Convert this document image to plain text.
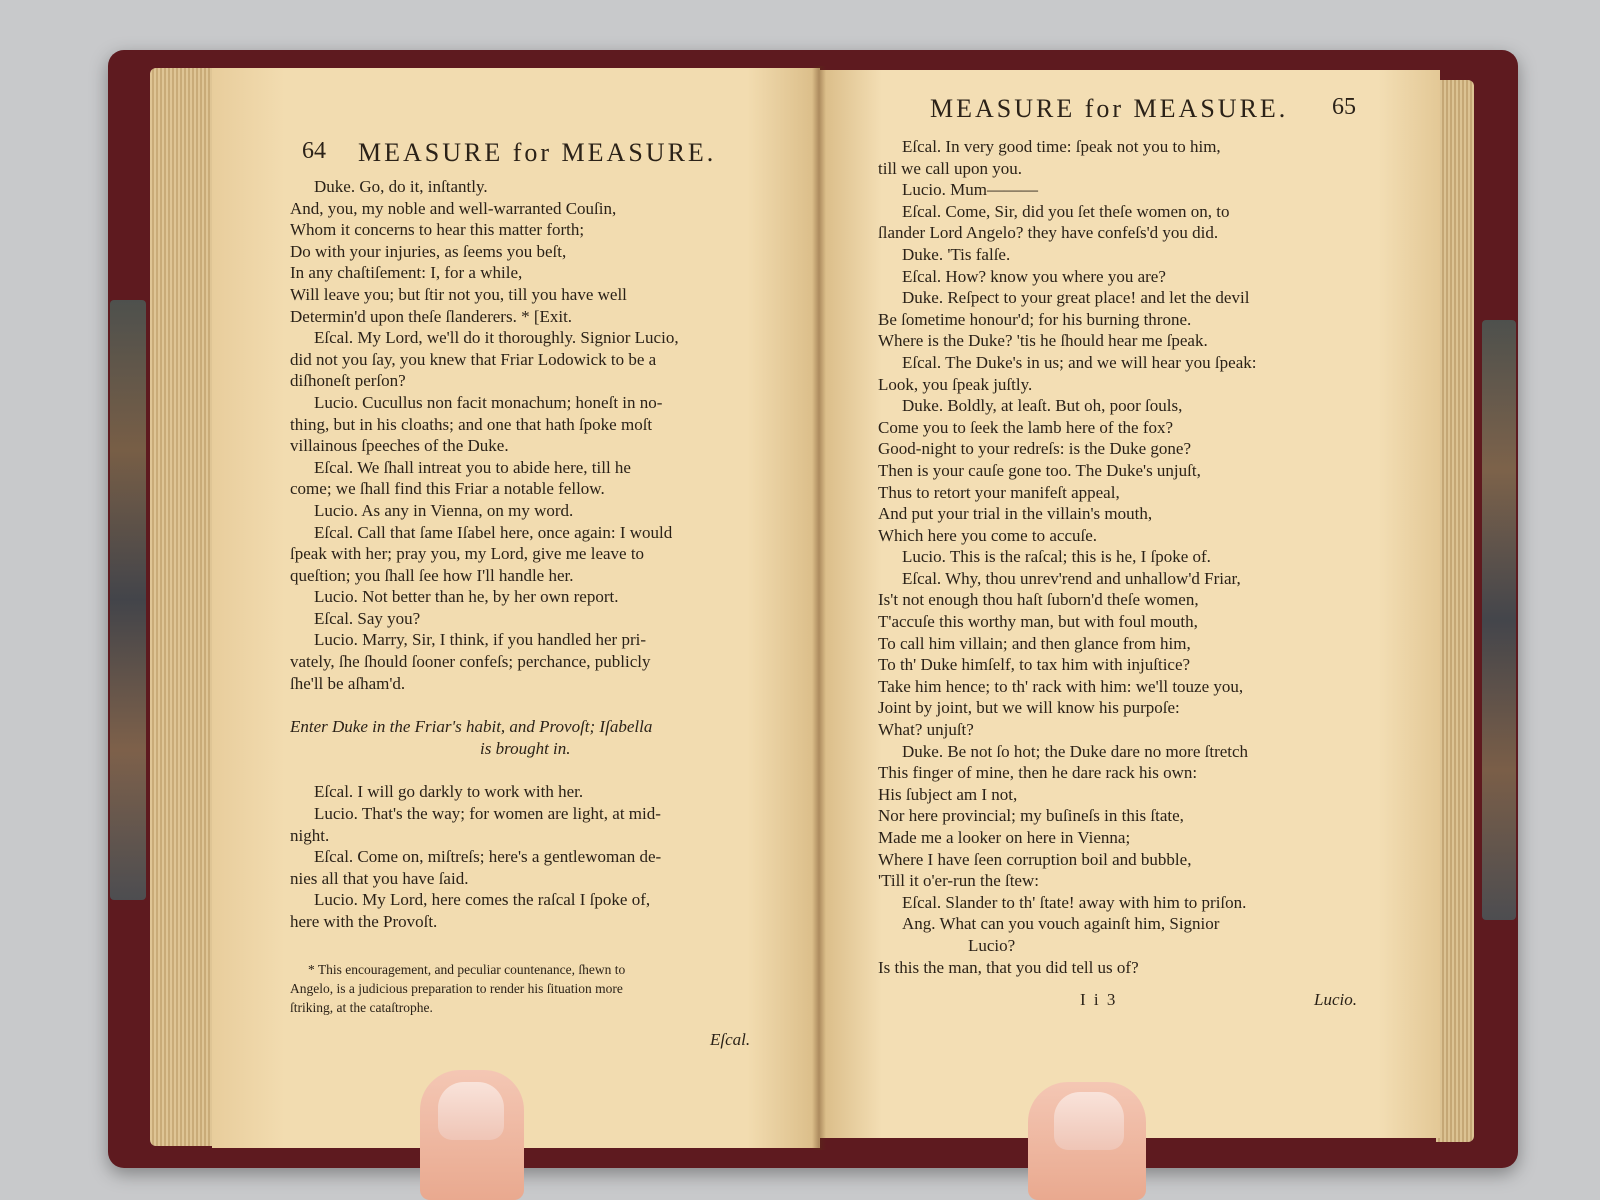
64 MEASURE for MEASURE.
Duke. Go, do it, inſtantly.
And, you, my noble and well-warranted Couſin,
Whom it concerns to hear this matter forth;
Do with your injuries, as ſeems you beſt,
In any chaſtiſement: I, for a while,
Will leave you; but ſtir not you, till you have well
Determin'd upon theſe ſlanderers. * [Exit.
Eſcal. My Lord, we'll do it thoroughly. Signior Lucio,
did not you ſay, you knew that Friar Lodowick to be a
diſhoneſt perſon?
Lucio. Cucullus non facit monachum; honeſt in no-
thing, but in his cloaths; and one that hath ſpoke moſt
villainous ſpeeches of the Duke.
Eſcal. We ſhall intreat you to abide here, till he
come; we ſhall find this Friar a notable fellow.
Lucio. As any in Vienna, on my word.
Eſcal. Call that ſame Iſabel here, once again: I would
ſpeak with her; pray you, my Lord, give me leave to
queſtion; you ſhall ſee how I'll handle her.
Lucio. Not better than he, by her own report.
Eſcal. Say you?
Lucio. Marry, Sir, I think, if you handled her pri-
vately, ſhe ſhould ſooner confeſs; perchance, publicly
ſhe'll be aſham'd.
Enter Duke in the Friar's habit, and Provoſt; Iſabella
is brought in.
Eſcal. I will go darkly to work with her.
Lucio. That's the way; for women are light, at mid-
night.
Eſcal. Come on, miſtreſs; here's a gentlewoman de-
nies all that you have ſaid.
Lucio. My Lord, here comes the raſcal I ſpoke of,
here with the Provoſt.
* This encouragement, and peculiar countenance, ſhewn to
Angelo, is a judicious preparation to render his ſituation more
ſtriking, at the cataſtrophe.
Eſcal.
MEASURE for MEASURE. 65
Eſcal. In very good time: ſpeak not you to him,
till we call upon you.
Lucio. Mum———
Eſcal. Come, Sir, did you ſet theſe women on, to
ſlander Lord Angelo? they have confeſs'd you did.
Duke. 'Tis falſe.
Eſcal. How? know you where you are?
Duke. Reſpect to your great place! and let the devil
Be ſometime honour'd; for his burning throne.
Where is the Duke? 'tis he ſhould hear me ſpeak.
Eſcal. The Duke's in us; and we will hear you ſpeak:
Look, you ſpeak juſtly.
Duke. Boldly, at leaſt. But oh, poor ſouls,
Come you to ſeek the lamb here of the fox?
Good-night to your redreſs: is the Duke gone?
Then is your cauſe gone too. The Duke's unjuſt,
Thus to retort your manifeſt appeal,
And put your trial in the villain's mouth,
Which here you come to accuſe.
Lucio. This is the raſcal; this is he, I ſpoke of.
Eſcal. Why, thou unrev'rend and unhallow'd Friar,
Is't not enough thou haſt ſuborn'd theſe women,
T'accuſe this worthy man, but with foul mouth,
To call him villain; and then glance from him,
To th' Duke himſelf, to tax him with injuſtice?
Take him hence; to th' rack with him: we'll touze you,
Joint by joint, but we will know his purpoſe:
What? unjuſt?
Duke. Be not ſo hot; the Duke dare no more ſtretch
This finger of mine, then he dare rack his own:
His ſubject am I not,
Nor here provincial; my buſineſs in this ſtate,
Made me a looker on here in Vienna;
Where I have ſeen corruption boil and bubble,
'Till it o'er-run the ſtew:
Eſcal. Slander to th' ſtate! away with him to priſon.
Ang. What can you vouch againſt him, Signior
Lucio?
Is this the man, that you did tell us of?
I i 3	Lucio.
